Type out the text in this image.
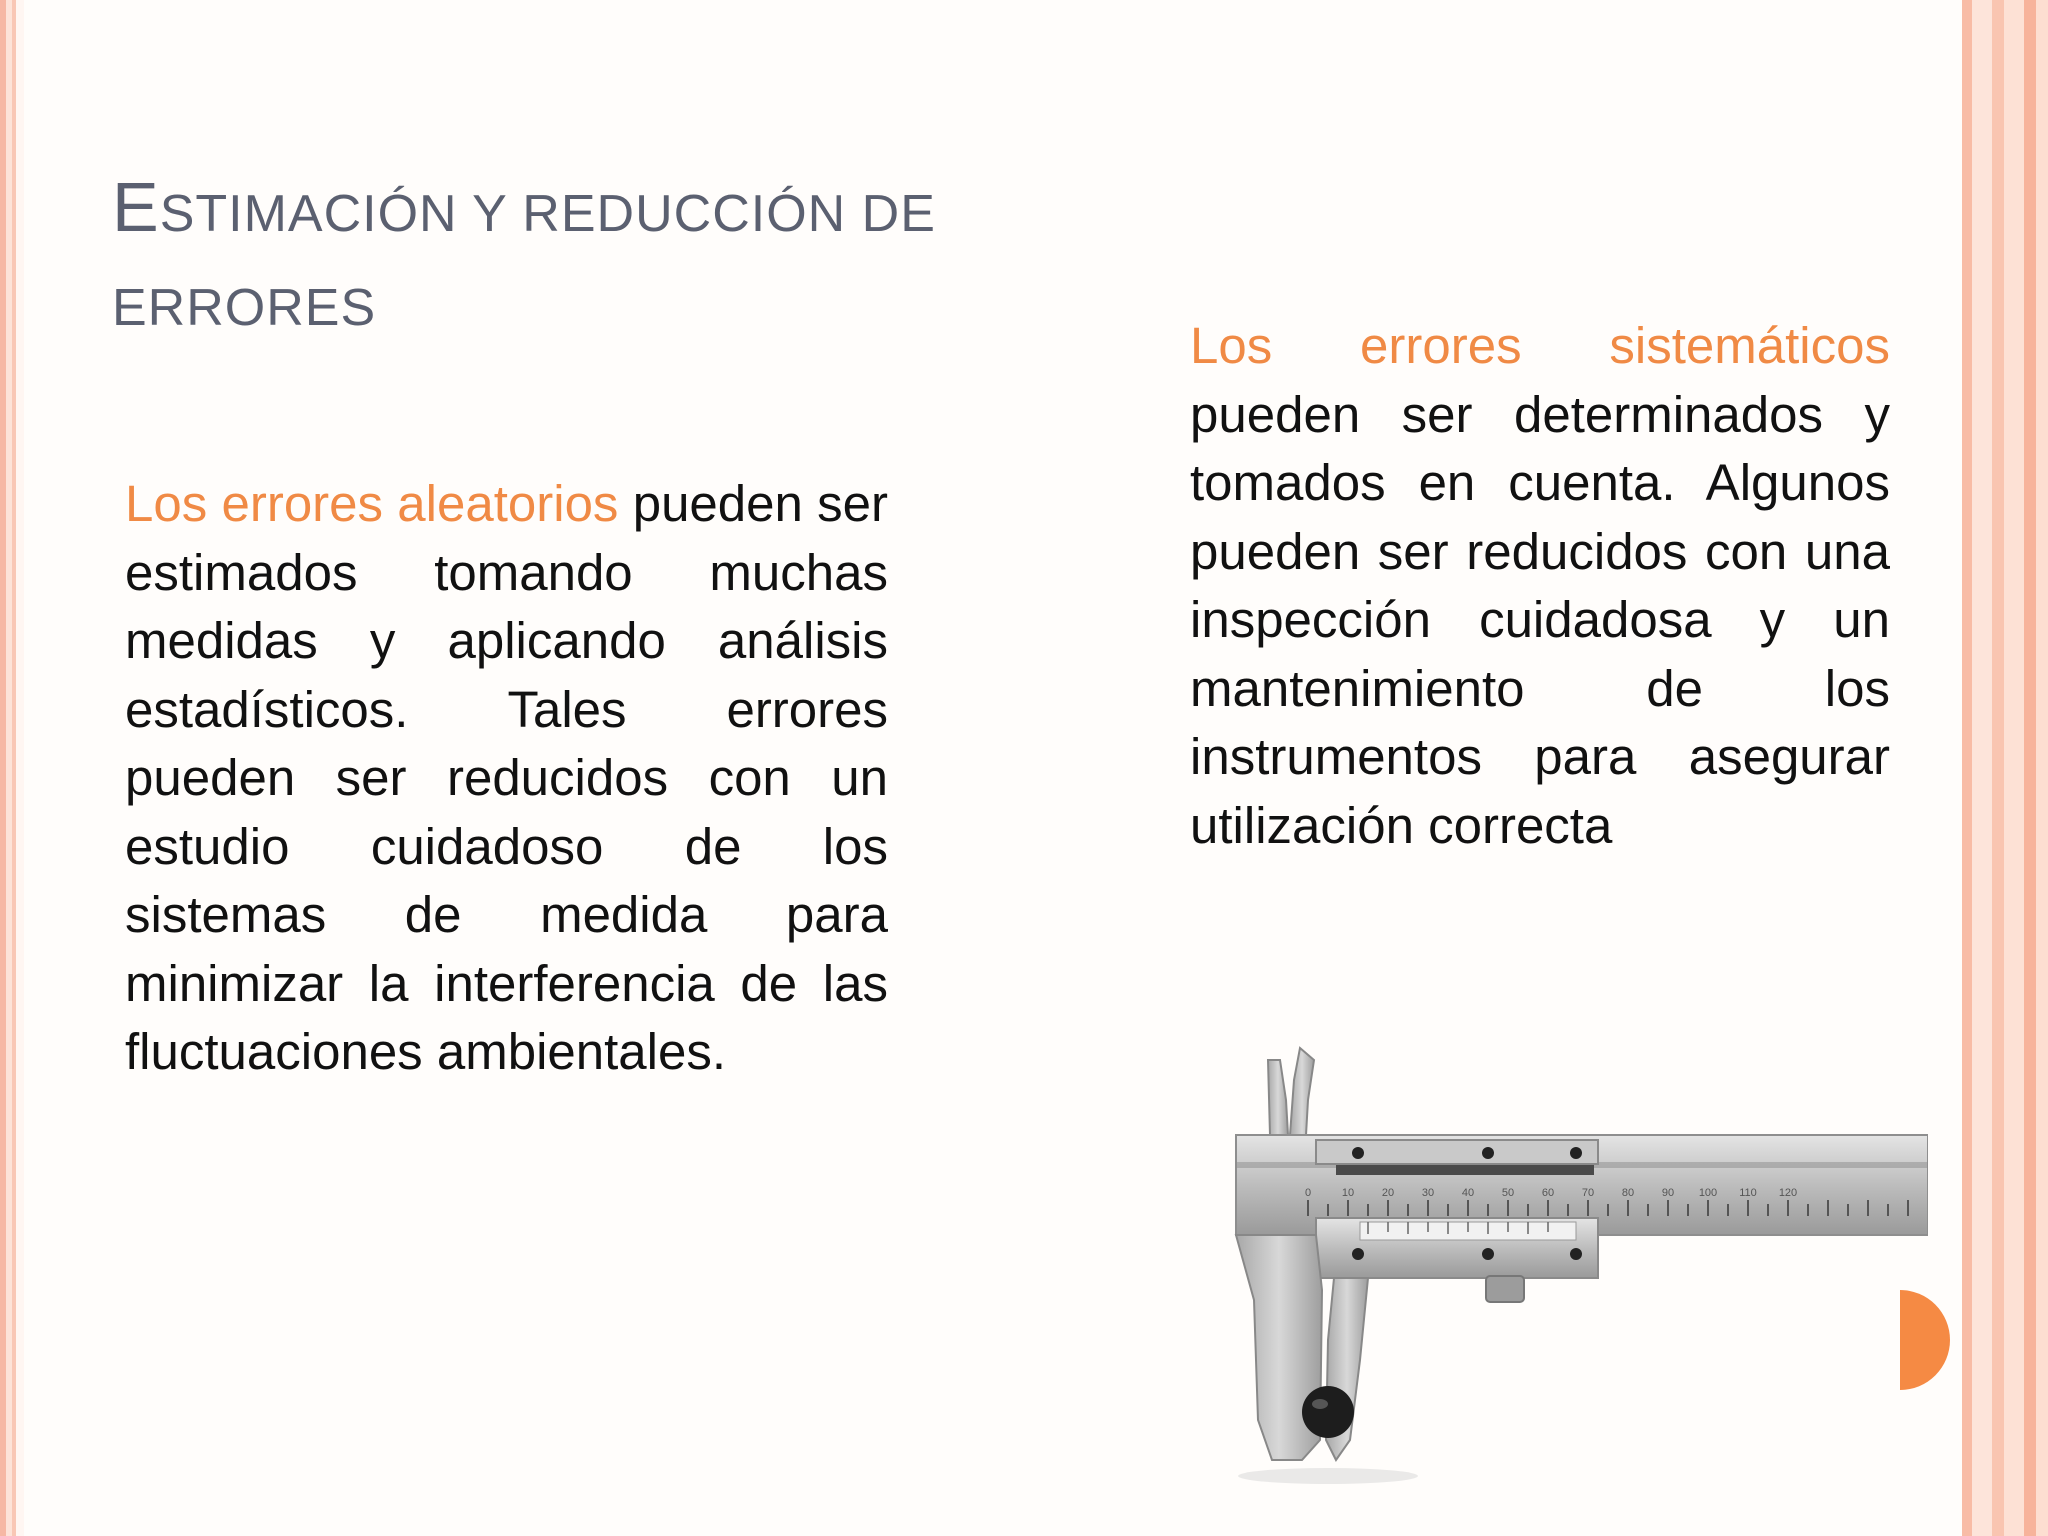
ESTIMACIÓN Y REDUCCIÓN DE
ERRORES

Los errores aleatorios pueden ser estimados tomando muchas medidas y aplicando análisis estadísticos. Tales errores pueden ser reducidos con un estudio cuidadoso de los sistemas de medida para minimizar la interferencia de las fluctuaciones ambientales.

Los errores sistemáticos pueden ser determinados y tomados en cuenta. Algunos pueden ser reducidos con una inspección cuidadosa y un mantenimiento de los instrumentos para asegurar utilización correcta

0	10	20	30	40	50	60	70	80	90 100 110 120
